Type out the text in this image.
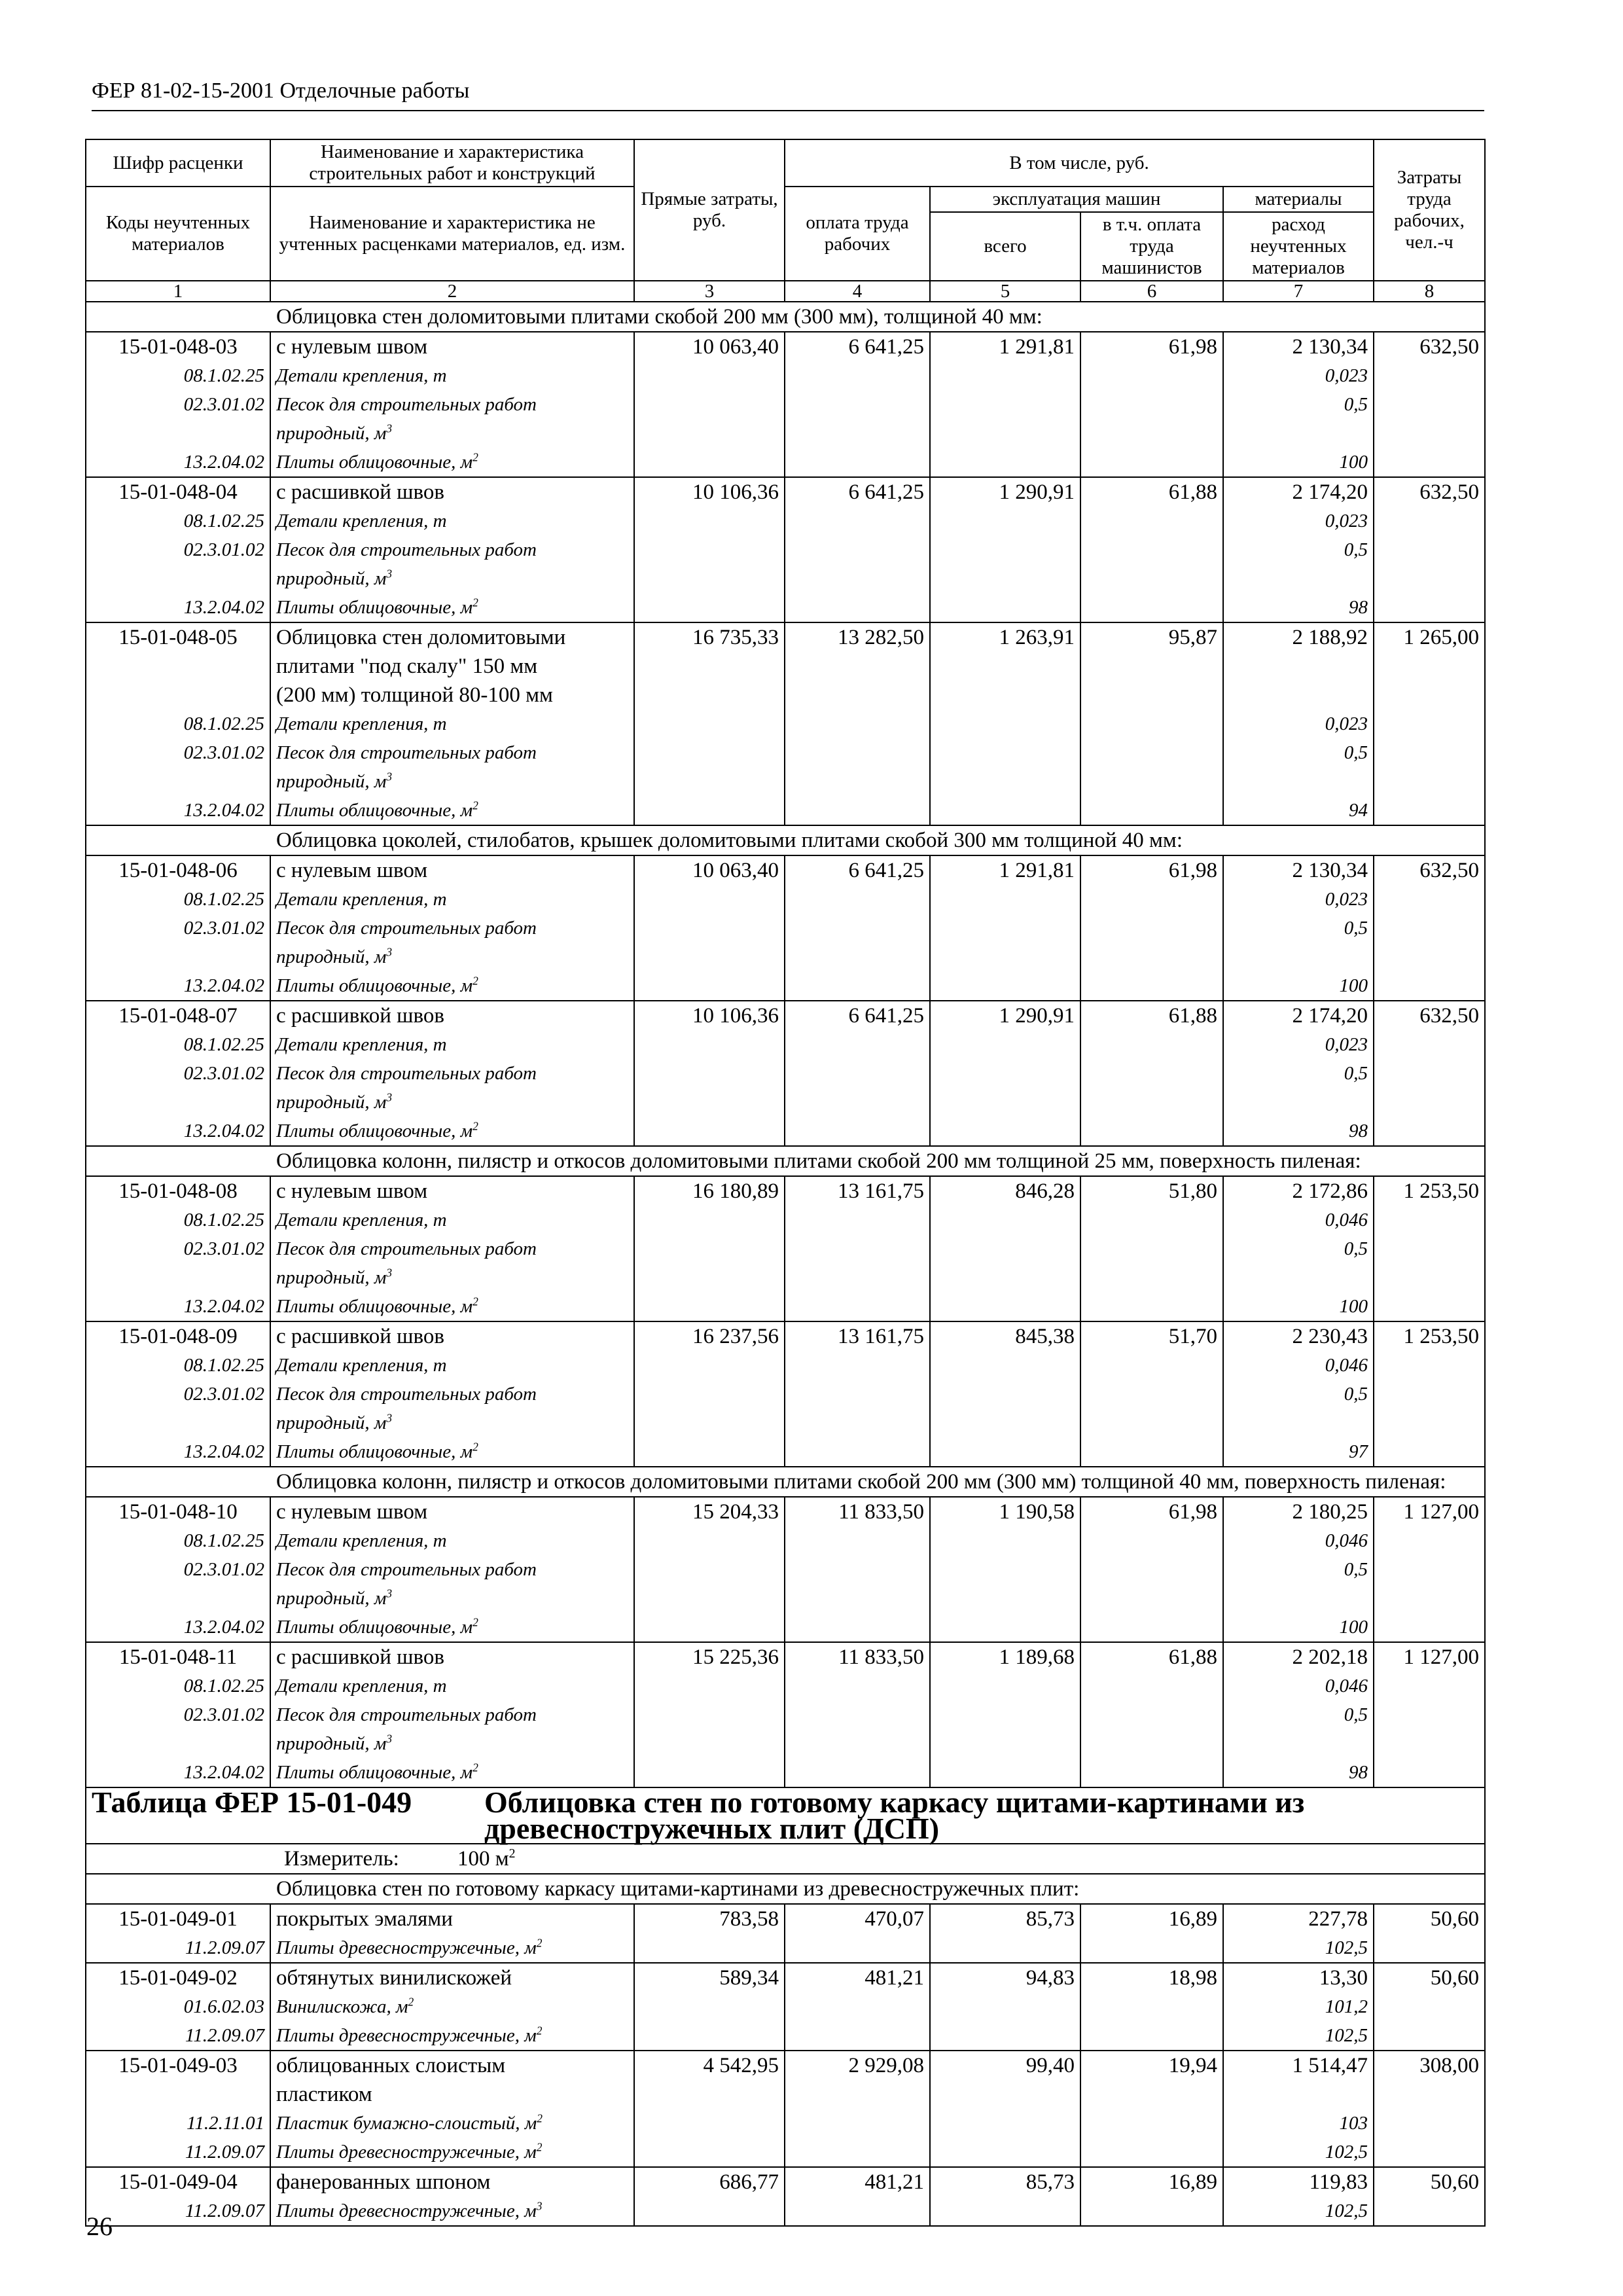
ФЕР 81-02-15-2001 Отделочные работы
Шифр расценки	Наименование и характеристика строительных работ и конструкций	Прямые затраты, руб.	В том числе, руб.				Затраты труда рабочих, чел.-ч
Коды неучтенных материалов	Наименование и характеристика не учтенных расценками материалов, ед. изм.		оплата труда рабочих	эксплуатация машин		материалы	
				всего	в т.ч. оплата труда машинистов	расход неучтенных материалов	
1	2	3	4	5	6	7	8
Облицовка стен доломитовыми плитами скобой 200 мм (300 мм), толщиной 40 мм:							
15-01-048-03	с нулевым швом	10 063,40	6 641,25	1 291,81	61,98	2 130,34	632,50
08.1.02.25	Детали крепления, т					0,023	
02.3.01.02	Песок для строительных работ					0,5	
	природный, $м^3$						
13.2.04.02	Плиты облицовочные, $м^2$					100	
15-01-048-04	с расшивкой швов	10 106,36	6 641,25	1 290,91	61,88	2 174,20	632,50
08.1.02.25	Детали крепления, т					0,023	
02.3.01.02	Песок для строительных работ					0,5	
	природный, $м^3$						
13.2.04.02	Плиты облицовочные, $м^2$					98	
15-01-048-05	Облицовка стен доломитовыми	16 735,33	13 282,50	1 263,91	95,87	2 188,92	1 265,00
	плитами "под скалу" 150 мм						
	(200 мм) толщиной 80-100 мм						
08.1.02.25	Детали крепления, т					0,023	
02.3.01.02	Песок для строительных работ					0,5	
	природный, $м^3$						
13.2.04.02	Плиты облицовочные, $м^2$					94	
Облицовка цоколей, стилобатов, крышек доломитовыми плитами скобой 300 мм толщиной 40 мм:							
15-01-048-06	с нулевым швом	10 063,40	6 641,25	1 291,81	61,98	2 130,34	632,50
08.1.02.25	Детали крепления, т					0,023	
02.3.01.02	Песок для строительных работ					0,5	
	природный, $м^3$						
13.2.04.02	Плиты облицовочные, $м^2$					100	
15-01-048-07	с расшивкой швов	10 106,36	6 641,25	1 290,91	61,88	2 174,20	632,50
08.1.02.25	Детали крепления, т					0,023	
02.3.01.02	Песок для строительных работ					0,5	
	природный, $м^3$						
13.2.04.02	Плиты облицовочные, $м^2$					98	
Облицовка колонн, пилястр и откосов доломитовыми плитами скобой 200 мм толщиной 25 мм, поверхность пиленая:							
15-01-048-08	с нулевым швом	16 180,89	13 161,75	846,28	51,80	2 172,86	1 253,50
08.1.02.25	Детали крепления, т					0,046	
02.3.01.02	Песок для строительных работ					0,5	
	природный, $м^3$						
13.2.04.02	Плиты облицовочные, $м^2$					100	
15-01-048-09	с расшивкой швов	16 237,56	13 161,75	845,38	51,70	2 230,43	1 253,50
08.1.02.25	Детали крепления, т					0,046	
02.3.01.02	Песок для строительных работ					0,5	
	природный, $м^3$						
13.2.04.02	Плиты облицовочные, $м^2$					97	
Облицовка колонн, пилястр и откосов доломитовыми плитами скобой 200 мм (300 мм) толщиной 40 мм, поверхность пиленая:							
15-01-048-10	с нулевым швом	15 204,33	11 833,50	1 190,58	61,98	2 180,25	1 127,00
08.1.02.25	Детали крепления, т					0,046	
02.3.01.02	Песок для строительных работ					0,5	
	природный, $м^3$						
13.2.04.02	Плиты облицовочные, $м^2$					100	
15-01-048-11	с расшивкой швов	15 225,36	11 833,50	1 189,68	61,88	2 202,18	1 127,00
08.1.02.25	Детали крепления, т					0,046	
02.3.01.02	Песок для строительных работ					0,5	
	природный, $м^3$						
13.2.04.02	Плиты облицовочные, $м^2$					98	
Таблица ФЕР 15-01-049 Облицовка стен по готовому каркасу щитами-картинами из древесностружечных плит (ДСП)							
Измеритель: 100 $м^2$
Облицовка стен по готовому каркасу щитами-картинами из древесностружечных плит:							
15-01-049-01	покрытых эмалями	783,58	470,07	85,73	16,89	227,78	50,60
11.2.09.07	Плиты древесностружечные, $м^2$					102,5	
15-01-049-02	обтянутых винилискожей	589,34	481,21	94,83	18,98	13,30	50,60
01.6.02.03	Винилискожа, $м^2$					101,2	
11.2.09.07	Плиты древесностружечные, $м^2$					102,5	
15-01-049-03	облицованных слоистым	4 542,95	2 929,08	99,40	19,94	1 514,47	308,00
	пластиком						
11.2.11.01	Пластик бумажно-слоистый, $м^2$					103	
11.2.09.07	Плиты древесностружечные, $м^2$					102,5	
15-01-049-04	фанерованных шпоном	686,77	481,21	85,73	16,89	119,83	50,60
11.2.09.07	Плиты древесностружечные, $м^3$					102,5	
26
